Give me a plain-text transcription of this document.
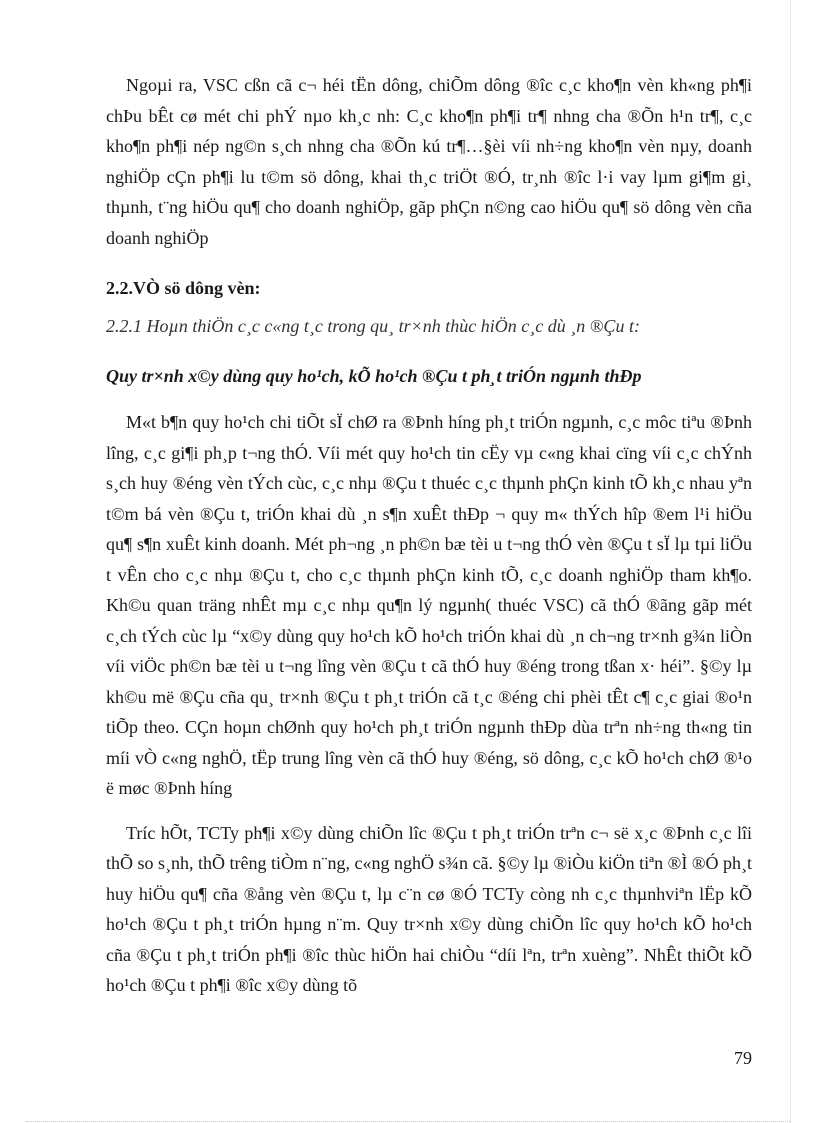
Ngoµi ra, VSC cßn cã c¬ héi tËn dông, chiÕm dông ®îc c¸c kho¶n vèn kh«ng ph¶i chÞu bÊt cø mét chi phÝ nµo kh¸c nh: C¸c kho¶n ph¶i tr¶ nhng cha ®Õn h¹n tr¶, c¸c kho¶n ph¶i nép ng©n s¸ch nhng cha ®Õn kú tr¶…§èi víi nh÷ng kho¶n vèn nµy, doanh nghiÖp cÇn ph¶i lu t©m sö dông, khai th¸c triÖt ®Ó, tr¸nh ®îc l·i vay lµm gi¶m gi¸ thµnh, t¨ng hiÖu qu¶ cho doanh nghiÖp, gãp phÇn n©ng cao hiÖu qu¶ sö dông vèn cña doanh nghiÖp

2.2.VÒ sö dông vèn:

2.2.1 Hoµn thiÖn c¸c c«ng t¸c trong qu¸ tr×nh thùc hiÖn c¸c dù ¸n ®Çu t:

Quy tr×nh x©y dùng quy ho¹ch, kÕ ho¹ch ®Çu t ph¸t triÓn ngµnh thÐp

M«t b¶n quy ho¹ch chi tiÕt sÏ chØ ra ®Þnh híng ph¸t triÓn ngµnh, c¸c môc tiªu ®Þnh lîng, c¸c gi¶i ph¸p t¬ng thÓ. Víi mét quy ho¹ch tin cËy vµ c«ng khai cïng víi c¸c chÝnh s¸ch huy ®éng vèn tÝch cùc, c¸c nhµ ®Çu t thuéc c¸c thµnh phÇn kinh tÕ kh¸c nhau yªn t©m bá vèn ®Çu t, triÓn khai dù ¸n s¶n xuÊt thÐp ¬ quy m« thÝch hîp ®em l¹i hiÖu qu¶ s¶n xuÊt kinh doanh. Mét ph¬ng ¸n ph©n bæ tèi u t¬ng thÓ vèn ®Çu t sÏ lµ tµi liÖu t vÊn cho c¸c nhµ ®Çu t, cho c¸c thµnh phÇn kinh tÕ, c¸c doanh nghiÖp tham kh¶o. Kh©u quan träng nhÊt mµ c¸c nhµ qu¶n lý ngµnh( thuéc VSC) cã thÓ ®ãng gãp mét c¸ch tÝch cùc lµ “x©y dùng quy ho¹ch kÕ ho¹ch triÓn khai dù ¸n ch¬ng tr×nh g¾n liÒn víi viÖc ph©n bæ tèi u t¬ng lîng vèn ®Çu t cã thÓ huy ®éng trong tßan x· héi”. §©y lµ kh©u më ®Çu cña qu¸ tr×nh ®Çu t ph¸t triÓn cã t¸c ®éng chi phèi tÊt c¶ c¸c giai ®o¹n tiÕp theo. CÇn hoµn chØnh quy ho¹ch ph¸t triÓn ngµnh thÐp dùa trªn nh÷ng th«ng tin míi vÒ c«ng nghÖ, tËp trung lîng vèn cã thÓ huy ®éng, sö dông, c¸c kÕ ho¹ch chØ ®¹o ë møc ®Þnh híng

Tríc hÕt, TCTy ph¶i x©y dùng chiÕn lîc ®Çu t ph¸t triÓn trªn c¬ së x¸c ®Þnh c¸c lîi thÕ so s¸nh, thÕ trêng tiÒm n¨ng, c«ng nghÖ s¾n cã. §©y lµ ®iÒu kiÖn tiªn ®Ì ®Ó ph¸t huy hiÖu qu¶ cña ®ång vèn ®Çu t, lµ c¨n cø ®Ó TCTy còng nh c¸c thµnhviªn lËp kÕ ho¹ch ®Çu t ph¸t triÓn hµng n¨m. Quy tr×nh x©y dùng chiÕn lîc quy ho¹ch kÕ ho¹ch cña ®Çu t ph¸t triÓn ph¶i ®îc thùc hiÖn hai chiÒu “díi lªn, trªn xuèng”. NhÊt thiÕt kÕ ho¹ch ®Çu t ph¶i ®îc x©y dùng tõ

79
